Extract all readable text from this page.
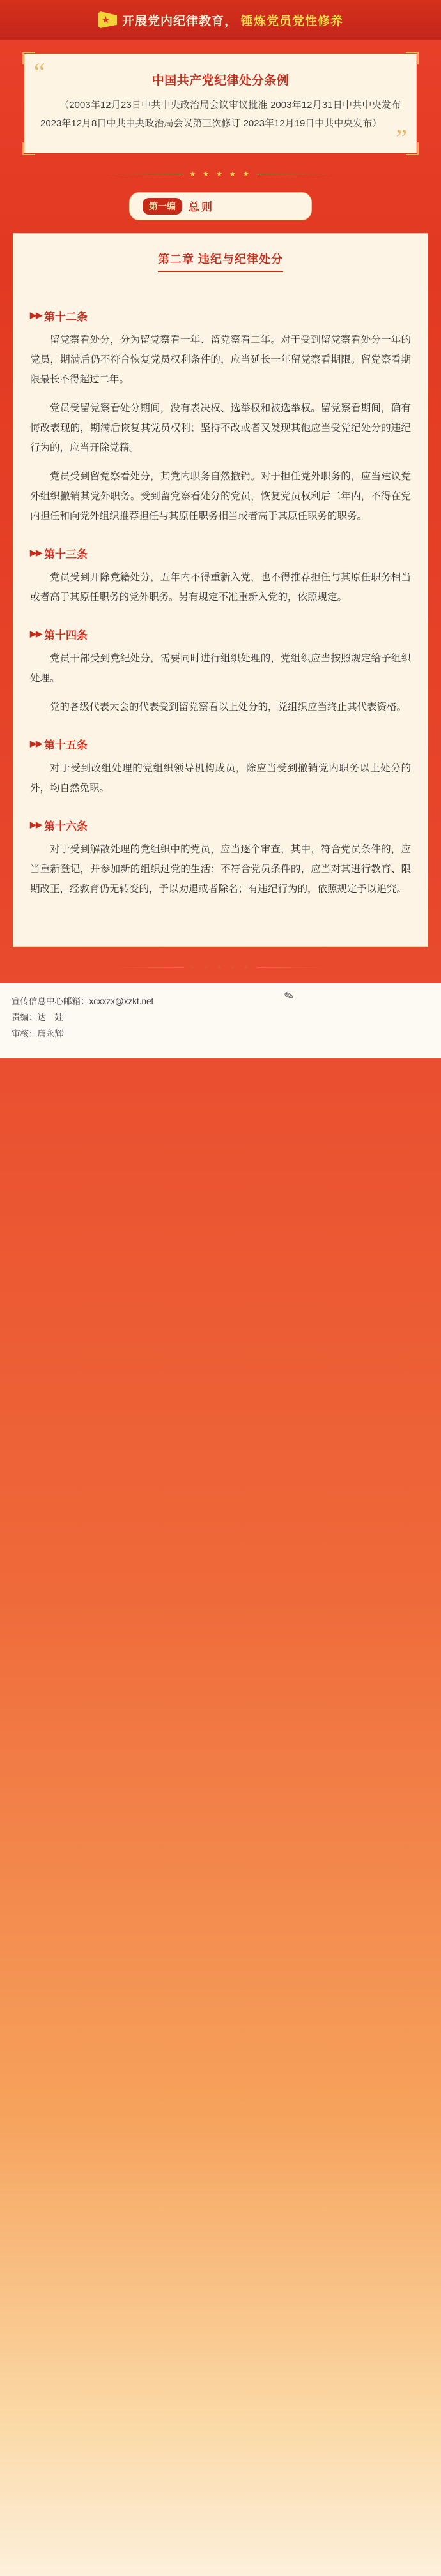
开展党内纪律教育， 锤炼党员党性修养
“	中国共产党纪律处分条例
（2003年12月23日中共中央政治局会议审议批准 2003年12月31日中共中央发布 2023年12月8日中共中央政治局会议第三次修订 2023年12月19日中共中央发布） ”
★ ★ ★ ★ ★
第一编	总则
第二章 违纪与纪律处分
▶▶ 第十二条

留党察看处分，分为留党察看一年、留党察看二年。对于受到留党察看处分一年的党员，期满后仍不符合恢复党员权利条件的，应当延长一年留党察看期限。留党察看期限最长不得超过二年。

党员受留党察看处分期间，没有表决权、选举权和被选举权。留党察看期间，确有悔改表现的，期满后恢复其党员权利；坚持不改或者又发现其他应当受党纪处分的违纪行为的，应当开除党籍。

党员受到留党察看处分，其党内职务自然撤销。对于担任党外职务的，应当建议党外组织撤销其党外职务。受到留党察看处分的党员，恢复党员权利后二年内，不得在党内担任和向党外组织推荐担任与其原任职务相当或者高于其原任职务的职务。

▶▶ 第十三条

党员受到开除党籍处分，五年内不得重新入党，也不得推荐担任与其原任职务相当或者高于其原任职务的党外职务。另有规定不准重新入党的，依照规定。

▶▶ 第十四条

党员干部受到党纪处分，需要同时进行组织处理的，党组织应当按照规定给予组织处理。

党的各级代表大会的代表受到留党察看以上处分的，党组织应当终止其代表资格。

▶▶ 第十五条

对于受到改组处理的党组织领导机构成员，除应当受到撤销党内职务以上处分的外，均自然免职。

▶▶ 第十六条

对于受到解散处理的党组织中的党员，应当逐个审查，其中，符合党员条件的，应当重新登记，并参加新的组织过党的生活；不符合党员条件的，应当对其进行教育、限期改正，经教育仍无转变的，予以劝退或者除名；有违纪行为的，依照规定予以追究。

★ ★ ★ ★ ★
✎
宣传信息中心邮箱：xcxxzx@xzkt.net
责编：达　娃
审核：唐永辉
